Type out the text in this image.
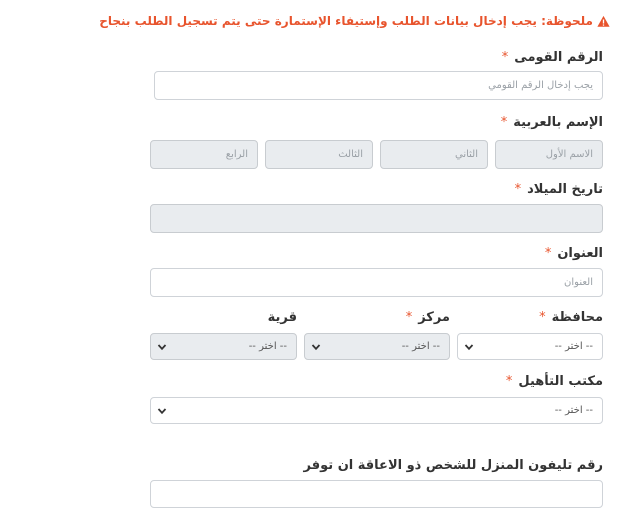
ملحوظة: يجب إدخال بيانات الطلب وإستيفاء الإستمارة حتى يتم تسجيل الطلب بنجاح
الرقم القومى*
يجب إدخال الرقم القومي
الإسم بالعربية*
الاسم الأول
الثاني
الثالث
الرابع
تاريخ الميلاد*
العنوان*
العنوان
محافظة*
مركز*
قرية
-- اختر --
-- اختر --
-- اختر --
مكتب التأهيل*
-- اختر --
رقم تليفون المنزل للشخص ذو الاعاقة ان توفر
